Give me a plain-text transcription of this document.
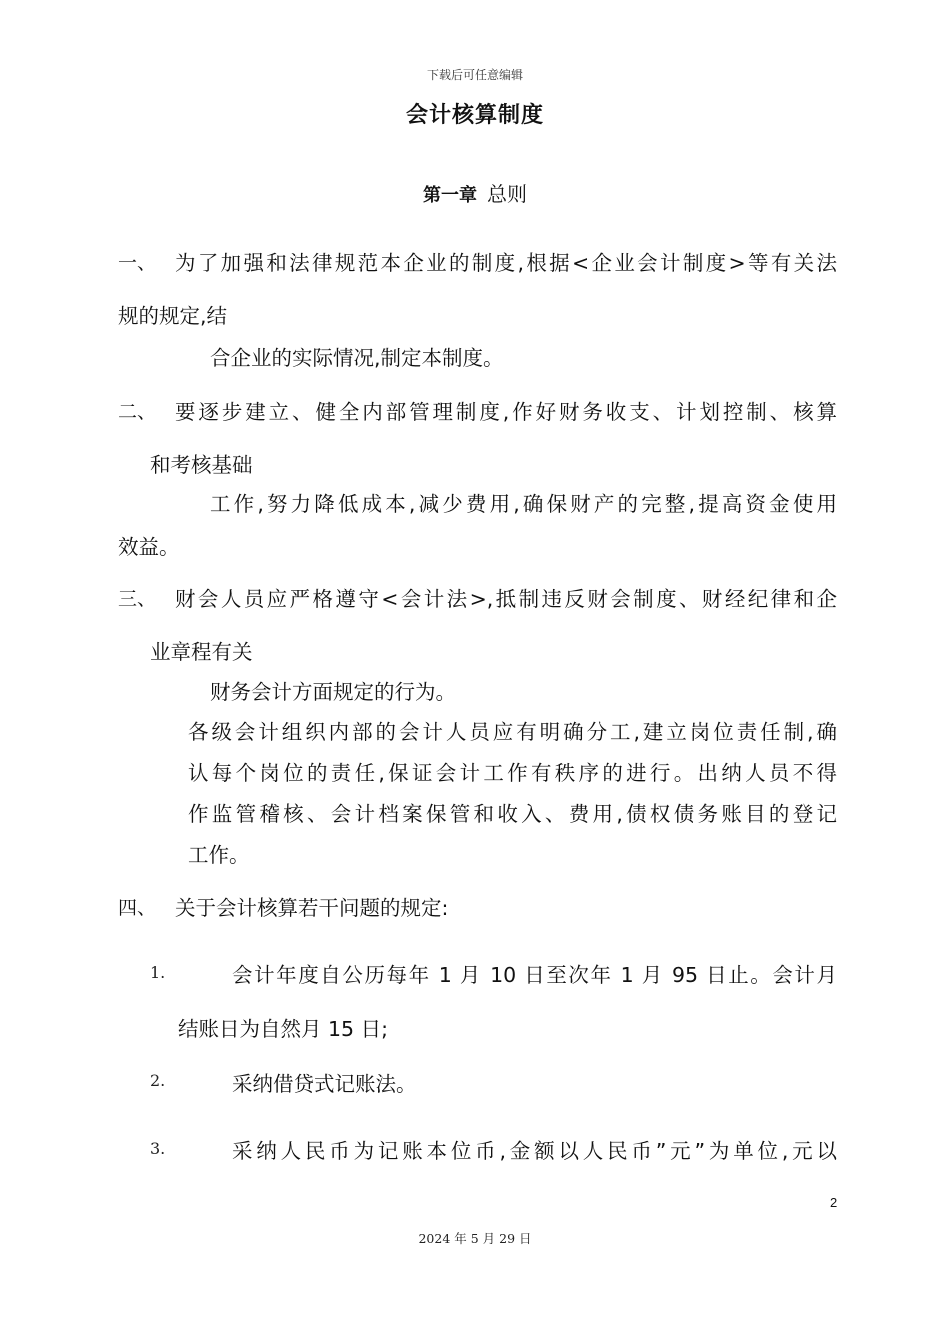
下载后可任意编辑
会计核算制度
第一章 总则
一、 为了加强和法律规范本企业的制度,根据<企业会计制度>等有关法
规的规定,结
合企业的实际情况,制定本制度。
二、 要逐步建立、健全内部管理制度,作好财务收支、计划控制、核算
和考核基础
工作,努力降低成本,减少费用,确保财产的完整,提高资金使用
效益。
三、 财会人员应严格遵守<会计法>,抵制违反财会制度、财经纪律和企
业章程有关
财务会计方面规定的行为。
各级会计组织内部的会计人员应有明确分工,建立岗位责任制,确
认每个岗位的责任,保证会计工作有秩序的进行。出纳人员不得
作监管稽核、会计档案保管和收入、费用,债权债务账目的登记
工作。
四、 关于会计核算若干问题的规定:
1.	会计年度自公历每年 1 月 10 日至次年 1 月 95 日止。会计月
结账日为自然月 15 日;
2.	采纳借贷式记账法。
3.	采纳人民币为记账本位币,金额以人民币”元”为单位,元以
2
2024 年 5 月 29 日
